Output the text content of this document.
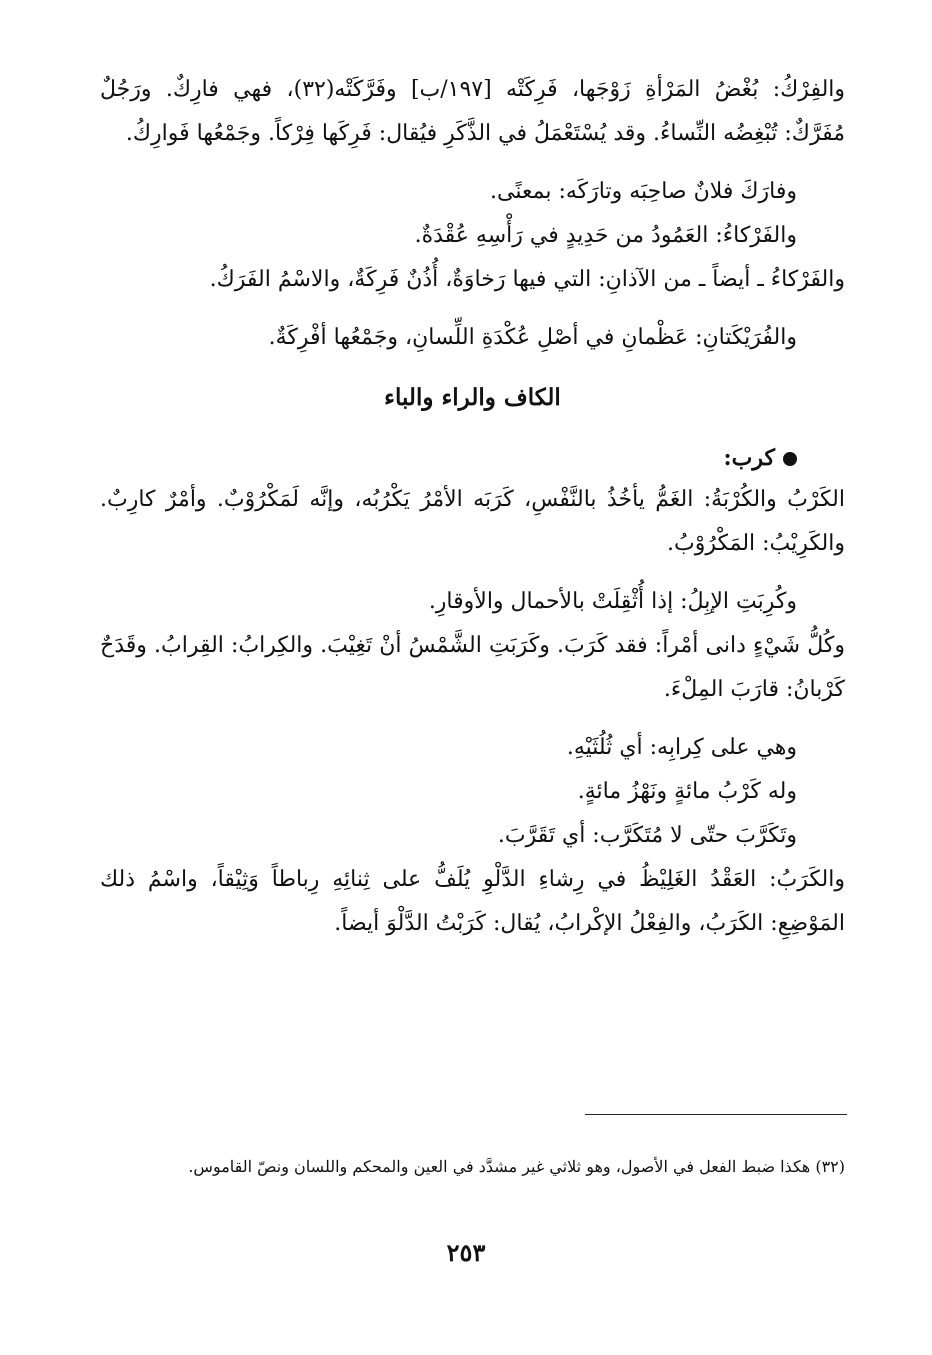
والفِرْكُ: بُغْضُ المَرْأةِ زَوْجَها، فَرِكَتْه [١٩٧/ب] وفَرَّكَتْه(٣٢)، فهي فارِكٌ. ورَجُلٌ مُفَرَّكٌ: تُبْغِضُه النِّساءُ. وقد يُسْتَعْمَلُ في الذَّكَرِ فيُقال: فَرِكَها فِرْكاً. وجَمْعُها فَوارِكُ.

وفارَكَ فلانٌ صاحِبَه وتارَكَه: بمعنًى.

والفَرْكاءُ: العَمُودُ من حَدِيدٍ في رَأْسِهِ عُقْدَةٌ.

والفَرْكاءُ ـ أيضاً ـ من الآذانِ: التي فيها رَخاوَةٌ، أُذُنٌ فَرِكَةٌ، والاسْمُ الفَرَكُ.

والفُرَيْكَتانِ: عَظْمانِ في أصْلِ عُكْدَةِ اللِّسانِ، وجَمْعُها أفْرِكَةٌ.

الكاف والراء والباء

كرب:

الكَرْبُ والكُرْبَةُ: الغَمُّ يأخُذُ بالنَّفْسِ، كَرَبَه الأمْرُ يَكْرُبُه، وإنَّه لَمَكْرُوْبٌ. وأمْرٌ كارِبٌ. والكَرِيْبُ: المَكْرُوْبُ.

وكُرِبَتِ الإبِلُ: إذا أُثْقِلَتْ بالأحمال والأوقارِ.

وكُلُّ شَيْءٍ دانى أمْراً: فقد كَرَبَ. وكَرَبَتِ الشَّمْسُ أنْ تَغِيْبَ. والكِرابُ: القِرابُ. وقَدَحٌ كَرْبانُ: قارَبَ المِلْءَ.

وهي على كِرابِه: أي ثُلُثَيْهِ.

وله كَرْبُ مائةٍ ونَهْزُ مائةٍ.

وتَكَرَّبَ حتّى لا مُتَكَرَّب: أي تَقَرَّبَ.

والكَرَبُ: العَقْدُ الغَلِيْظُ في رِشاءِ الدَّلْوِ يُلَفُّ على ثِنائِهِ رِباطاً وَثِيْقاً، واسْمُ ذلك المَوْضِعِ: الكَرَبُ، والفِعْلُ الإكْرابُ، يُقال: كَرَبْتُ الدَّلْوَ أيضاً.

(٣٢) هكذا ضبط الفعل في الأصول، وهو ثلاثي غير مشدَّد في العين والمحكم واللسان ونصّ القاموس.
٢٥٣
